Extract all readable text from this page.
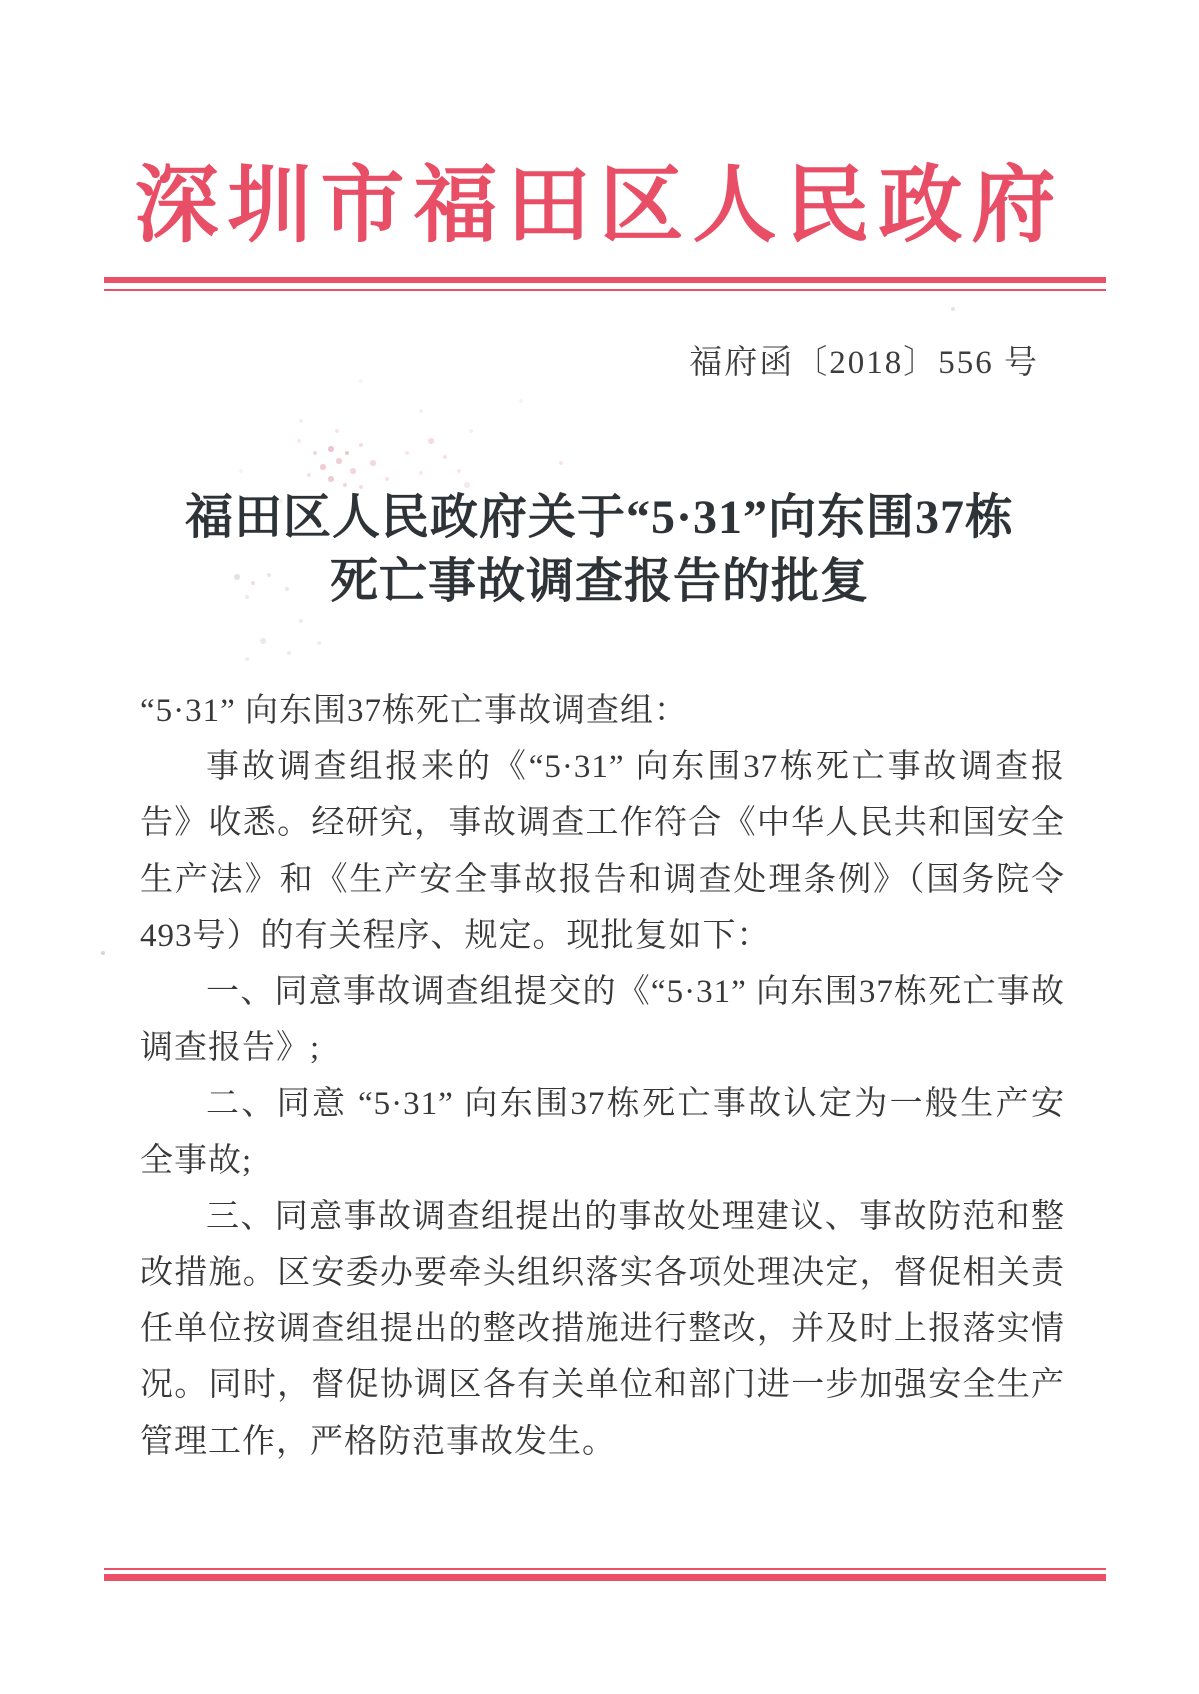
深圳市福田区人民政府
福府函〔2018〕556 号
福田区人民政府关于“5·31”向东围37栋
死亡事故调查报告的批复

“5·31” 向东围37栋死亡事故调查组：

事故调查组报来的《“5·31” 向东围37栋死亡事故调查报告》收悉。经研究，事故调查工作符合《中华人民共和国安全生产法》和《生产安全事故报告和调查处理条例》（国务院令493号）的有关程序、规定。现批复如下：

一、同意事故调查组提交的《“5·31” 向东围37栋死亡事故调查报告》;

二、同意 “5·31” 向东围37栋死亡事故认定为一般生产安全事故;

三、同意事故调查组提出的事故处理建议、事故防范和整改措施。区安委办要牵头组织落实各项处理决定，督促相关责任单位按调查组提出的整改措施进行整改，并及时上报落实情况。同时，督促协调区各有关单位和部门进一步加强安全生产管理工作，严格防范事故发生。
